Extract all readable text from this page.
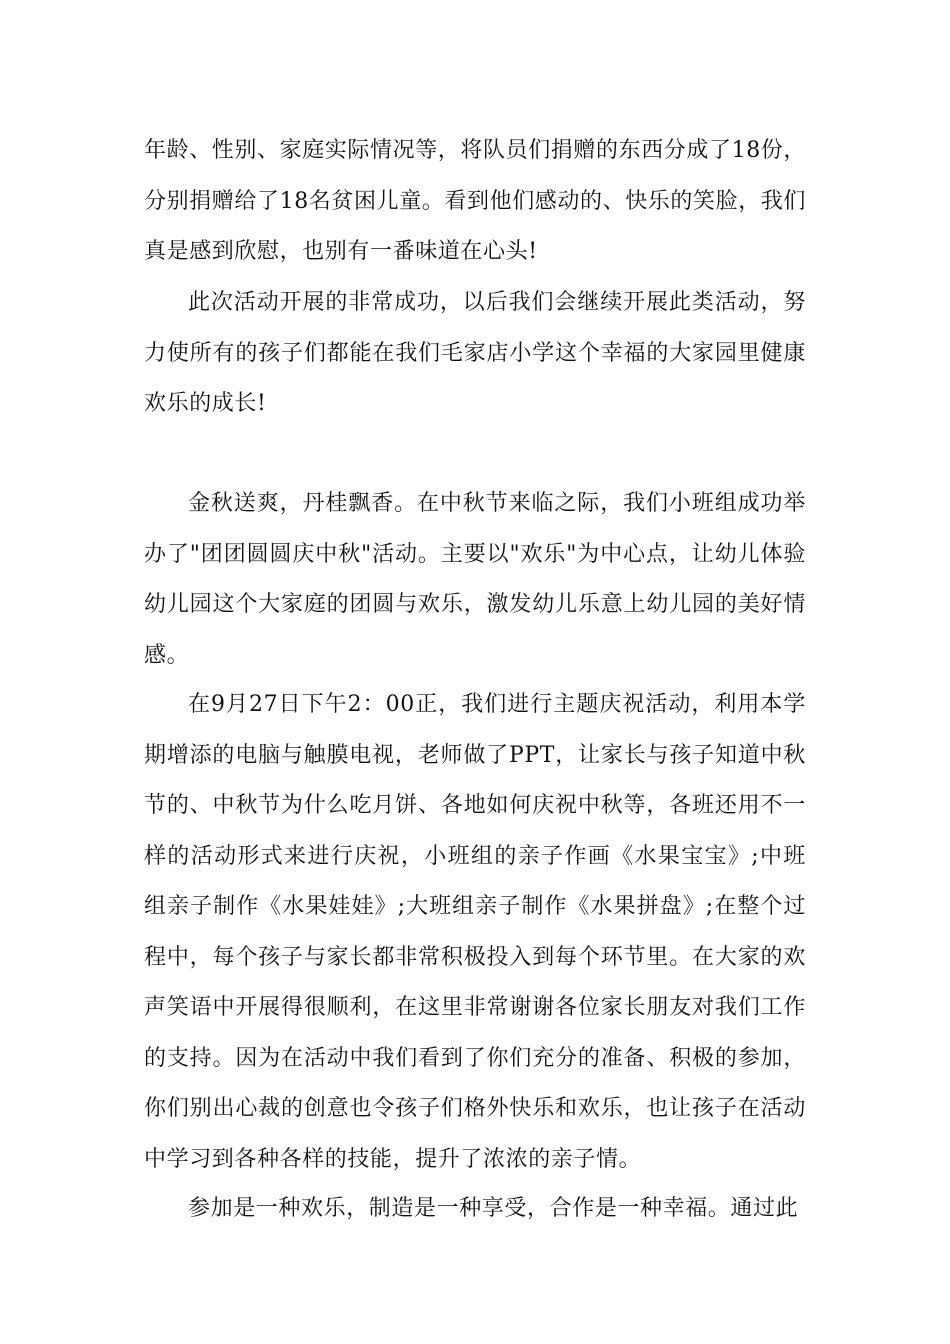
年龄、性别、家庭实际情况等，将队员们捐赠的东西分成了18份，分别捐赠给了18名贫困儿童。看到他们感动的、快乐的笑脸，我们真是感到欣慰，也别有一番味道在心头!

此次活动开展的非常成功，以后我们会继续开展此类活动，努力使所有的孩子们都能在我们毛家店小学这个幸福的大家园里健康欢乐的成长!

金秋送爽，丹桂飘香。在中秋节来临之际，我们小班组成功举办了"团团圆圆庆中秋"活动。主要以"欢乐"为中心点，让幼儿体验幼儿园这个大家庭的团圆与欢乐，激发幼儿乐意上幼儿园的美好情感。

在9月27日下午2：00正，我们进行主题庆祝活动，利用本学期增添的电脑与触膜电视，老师做了PPT，让家长与孩子知道中秋节的、中秋节为什么吃月饼、各地如何庆祝中秋等，各班还用不一样的活动形式来进行庆祝，小班组的亲子作画《水果宝宝》;中班组亲子制作《水果娃娃》;大班组亲子制作《水果拼盘》;在整个过程中，每个孩子与家长都非常积极投入到每个环节里。在大家的欢声笑语中开展得很顺利，在这里非常谢谢各位家长朋友对我们工作的支持。因为在活动中我们看到了你们充分的准备、积极的参加，你们别出心裁的创意也令孩子们格外快乐和欢乐，也让孩子在活动中学习到各种各样的技能，提升了浓浓的亲子情。

参加是一种欢乐，制造是一种享受，合作是一种幸福。通过此
